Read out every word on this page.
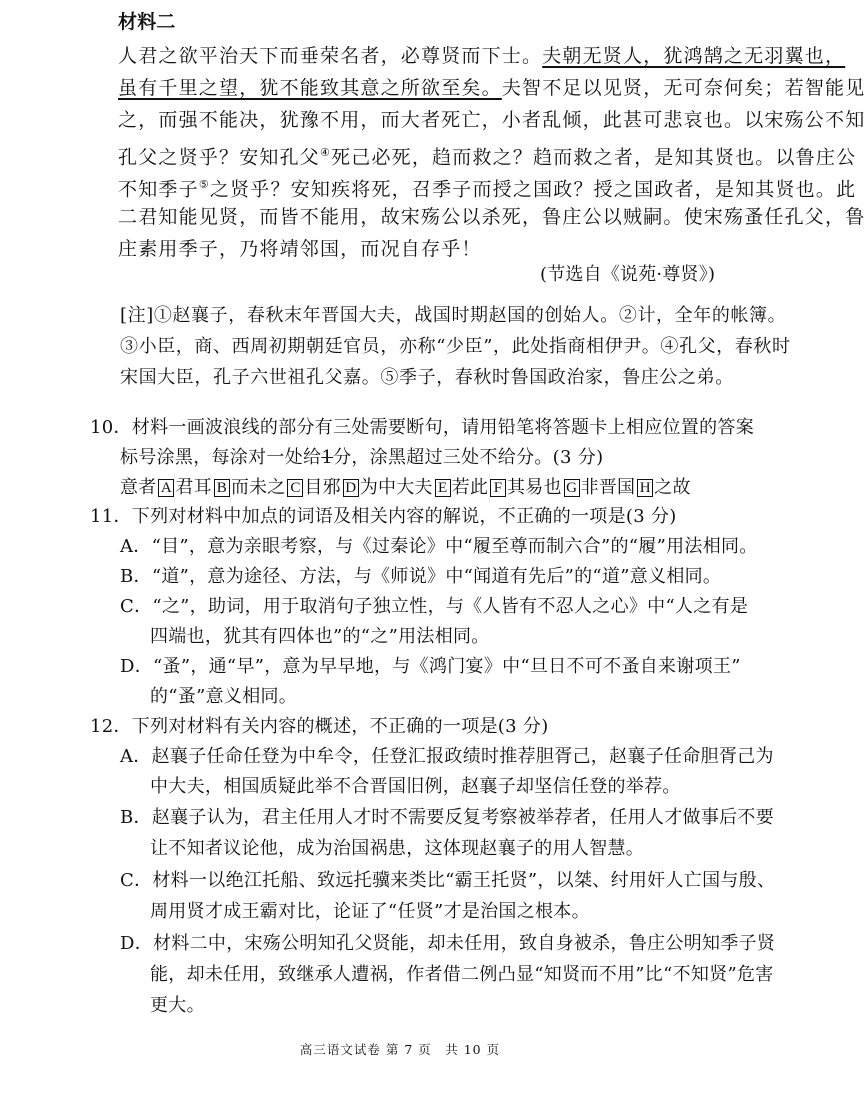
材料二
人君之欲平治天下而垂荣名者，必尊贤而下士。夫朝无贤人，犹鸿鹄之无羽翼也，
虽有千里之望，犹不能致其意之所欲至矣。夫智不足以见贤，无可奈何矣；若智能见
之，而强不能决，犹豫不用，而大者死亡，小者乱倾，此甚可悲哀也。以宋殇公不知
孔父之贤乎？安知孔父④死己必死，趋而救之？趋而救之者，是知其贤也。以鲁庄公
不知季子⑤之贤乎？安知疾将死，召季子而授之国政？授之国政者，是知其贤也。此
二君知能见贤，而皆不能用，故宋殇公以杀死，鲁庄公以贼嗣。使宋殇蚤任孔父，鲁
庄素用季子，乃将靖邻国，而况自存乎！
(节选自《说苑·尊贤》)
[注]①赵襄子，春秋末年晋国大夫，战国时期赵国的创始人。②计，全年的帐簿。
③小臣，商、西周初期朝廷官员，亦称“少臣”，此处指商相伊尹。④孔父，春秋时
宋国大臣，孔子六世祖孔父嘉。⑤季子，春秋时鲁国政治家，鲁庄公之弟。
10．材料一画波浪线的部分有三处需要断句，请用铅笔将答题卡上相应位置的答案
标号涂黑，每涂对一处给1分，涂黑超过三处不给分。(3 分)
意者 A 君耳 B 而未之 C 目邪 D 为中大夫 E 若此 F 其易也 G 非晋国 H 之故
11．下列对材料中加点的词语及相关内容的解说，不正确的一项是(3 分)
A．“目”，意为亲眼考察，与《过秦论》中“履至尊而制六合”的“履”用法相同。
B．“道”，意为途径、方法，与《师说》中“闻道有先后”的“道”意义相同。
C．“之”，助词，用于取消句子独立性，与《人皆有不忍人之心》中“人之有是
四端也，犹其有四体也”的“之”用法相同。
D．“蚤”，通“早”，意为早早地，与《鸿门宴》中“旦日不可不蚤自来谢项王”
的“蚤”意义相同。
12．下列对材料有关内容的概述，不正确的一项是(3 分)
A．赵襄子任命任登为中牟令，任登汇报政绩时推荐胆胥己，赵襄子任命胆胥己为
中大夫，相国质疑此举不合晋国旧例，赵襄子却坚信任登的举荐。
B．赵襄子认为，君主任用人才时不需要反复考察被举荐者，任用人才做事后不要
让不知者议论他，成为治国祸患，这体现赵襄子的用人智慧。
C．材料一以绝江托船、致远托骥来类比“霸王托贤”，以桀、纣用奸人亡国与殷、
周用贤才成王霸对比，论证了“任贤”才是治国之根本。
D．材料二中，宋殇公明知孔父贤能，却未任用，致自身被杀，鲁庄公明知季子贤
能，却未任用，致继承人遭祸，作者借二例凸显“知贤而不用”比“不知贤”危害
更大。
高三语文试卷 第 7 页　共 10 页
